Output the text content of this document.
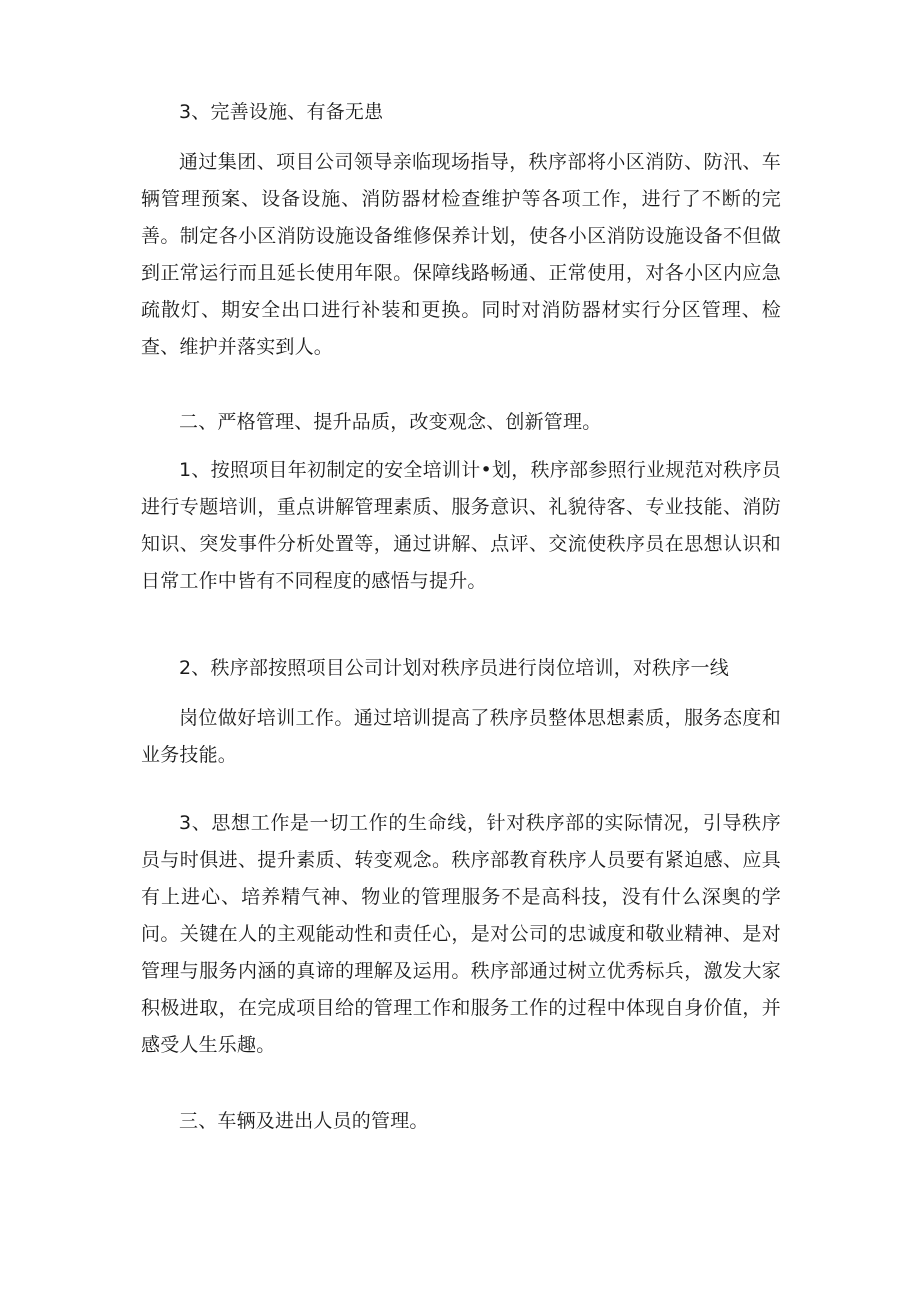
3、完善设施、有备无患

通过集团、项目公司领导亲临现场指导，秩序部将小区消防、防汛、车辆管理预案、设备设施、消防器材检查维护等各项工作，进行了不断的完善。制定各小区消防设施设备维修保养计划，使各小区消防设施设备不但做到正常运行而且延长使用年限。保障线路畅通、正常使用，对各小区内应急疏散灯、期安全出口进行补装和更换。同时对消防器材实行分区管理、检查、维护并落实到人。

二、严格管理、提升品质，改变观念、创新管理。

1、按照项目年初制定的安全培训计•划，秩序部参照行业规范对秩序员进行专题培训，重点讲解管理素质、服务意识、礼貌待客、专业技能、消防知识、突发事件分析处置等，通过讲解、点评、交流使秩序员在思想认识和日常工作中皆有不同程度的感悟与提升。

2、秩序部按照项目公司计划对秩序员进行岗位培训，对秩序一线

岗位做好培训工作。通过培训提高了秩序员整体思想素质，服务态度和业务技能。

3、思想工作是一切工作的生命线，针对秩序部的实际情况，引导秩序员与时俱进、提升素质、转变观念。秩序部教育秩序人员要有紧迫感、应具有上进心、培养精气神、物业的管理服务不是高科技，没有什么深奥的学问。关键在人的主观能动性和责任心，是对公司的忠诚度和敬业精神、是对管理与服务内涵的真谛的理解及运用。秩序部通过树立优秀标兵，激发大家积极进取，在完成项目给的管理工作和服务工作的过程中体现自身价值，并感受人生乐趣。

三、车辆及进出人员的管理。
